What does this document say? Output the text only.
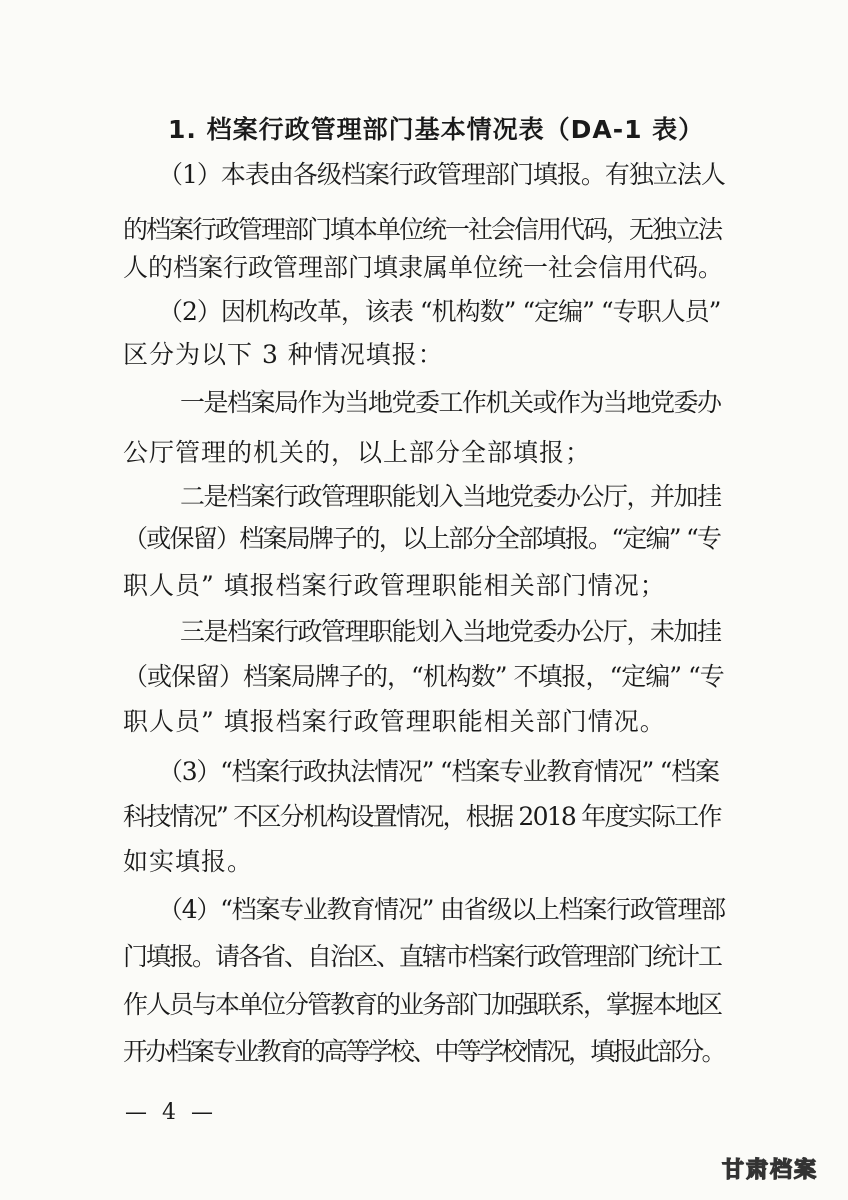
1. 档案行政管理部门基本情况表（DA-1 表）
（1）本表由各级档案行政管理部门填报。有独立法人
的档案行政管理部门填本单位统一社会信用代码，无独立法
人的档案行政管理部门填隶属单位统一社会信用代码。
（2）因机构改革，该表 “机构数” “定编” “专职人员”
区分为以下 3 种情况填报：
一是档案局作为当地党委工作机关或作为当地党委办
公厅管理的机关的，以上部分全部填报；
二是档案行政管理职能划入当地党委办公厅，并加挂
（或保留）档案局牌子的，以上部分全部填报。“定编” “专
职人员” 填报档案行政管理职能相关部门情况；
三是档案行政管理职能划入当地党委办公厅，未加挂
（或保留）档案局牌子的，“机构数” 不填报，“定编” “专
职人员” 填报档案行政管理职能相关部门情况。
（3）“档案行政执法情况” “档案专业教育情况” “档案
科技情况” 不区分机构设置情况，根据 2018 年度实际工作
如实填报。
（4）“档案专业教育情况” 由省级以上档案行政管理部
门填报。请各省、自治区、直辖市档案行政管理部门统计工
作人员与本单位分管教育的业务部门加强联系，掌握本地区
开办档案专业教育的高等学校、中等学校情况，填报此部分。
— 4 —
甘肃档案
